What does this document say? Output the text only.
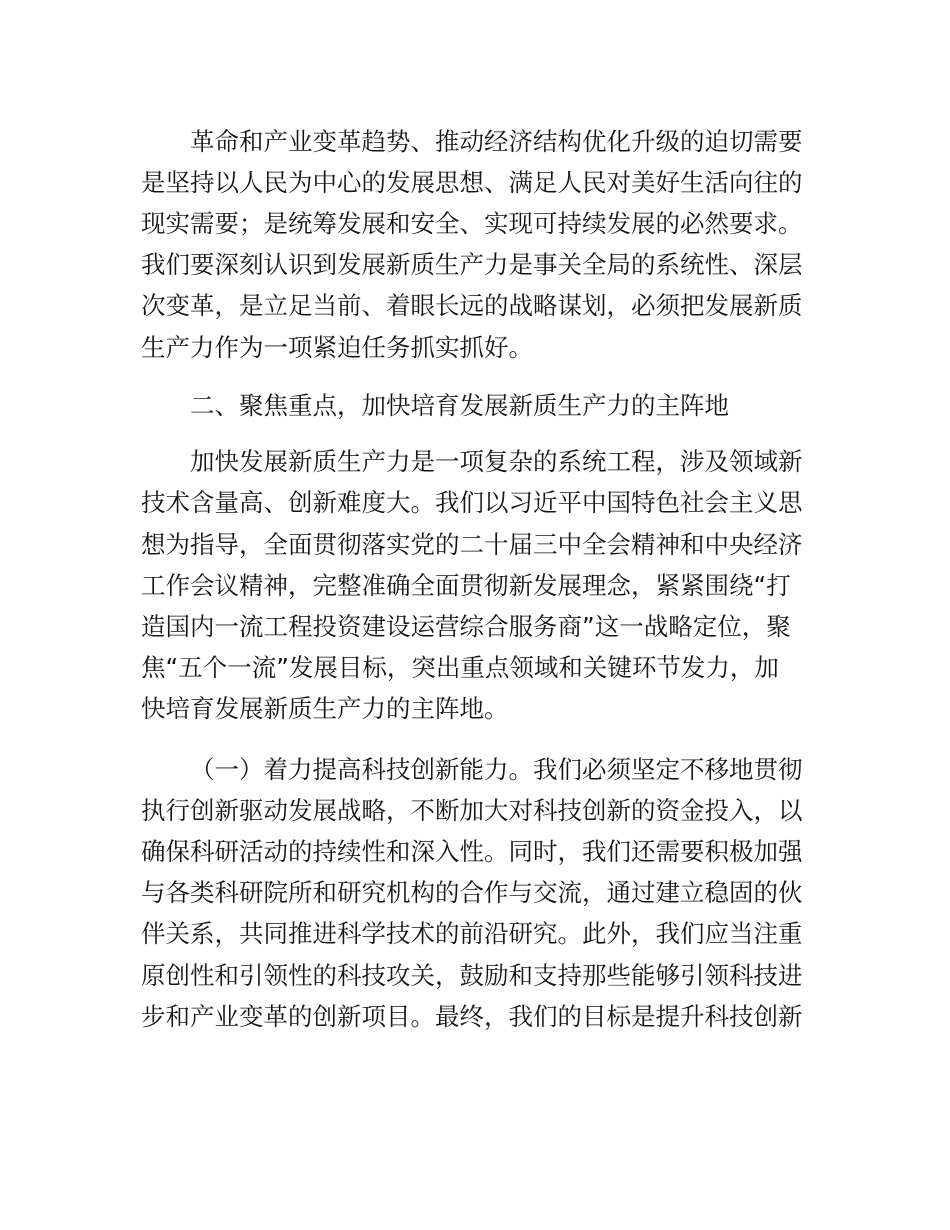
革命和产业变革趋势、推动经济结构优化升级的迫切需要
是坚持以人民为中心的发展思想、满足人民对美好生活向往的
现实需要；是统筹发展和安全、实现可持续发展的必然要求。
我们要深刻认识到发展新质生产力是事关全局的系统性、深层
次变革，是立足当前、着眼长远的战略谋划，必须把发展新质
生产力作为一项紧迫任务抓实抓好。
二、聚焦重点，加快培育发展新质生产力的主阵地
加快发展新质生产力是一项复杂的系统工程，涉及领域新
技术含量高、创新难度大。我们以习近平中国特色社会主义思
想为指导，全面贯彻落实党的二十届三中全会精神和中央经济
工作会议精神，完整准确全面贯彻新发展理念，紧紧围绕“打
造国内一流工程投资建设运营综合服务商”这一战略定位，聚
焦“五个一流”发展目标，突出重点领域和关键环节发力，加
快培育发展新质生产力的主阵地。
（一）着力提高科技创新能力。我们必须坚定不移地贯彻
执行创新驱动发展战略，不断加大对科技创新的资金投入，以
确保科研活动的持续性和深入性。同时，我们还需要积极加强
与各类科研院所和研究机构的合作与交流，通过建立稳固的伙
伴关系，共同推进科学技术的前沿研究。此外，我们应当注重
原创性和引领性的科技攻关，鼓励和支持那些能够引领科技进
步和产业变革的创新项目。最终，我们的目标是提升科技创新
